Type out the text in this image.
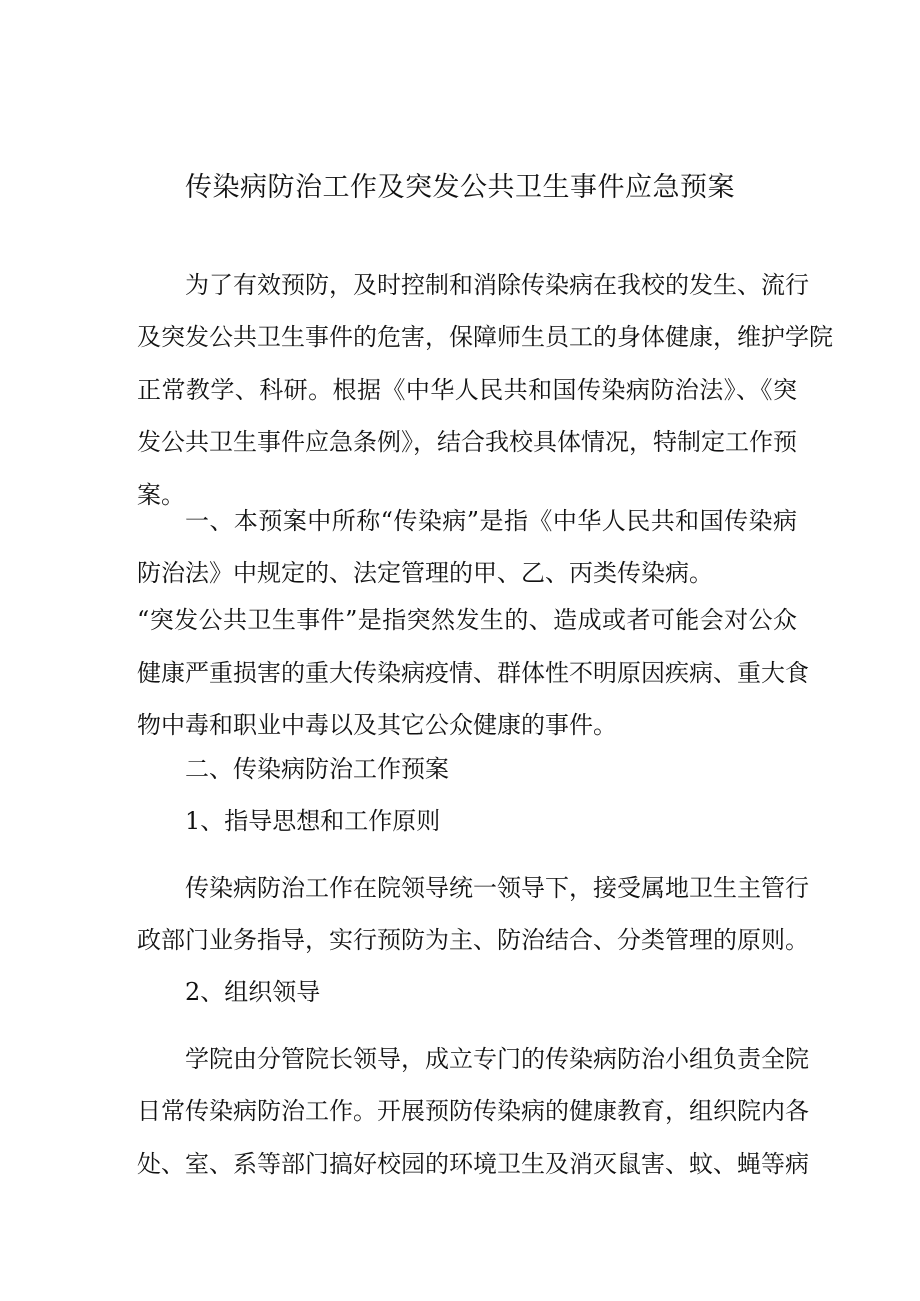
传染病防治工作及突发公共卫生事件应急预案
为了有效预防，及时控制和消除传染病在我校的发生、流行
及突发公共卫生事件的危害，保障师生员工的身体健康，维护学院
正常教学、科研。根据《中华人民共和国传染病防治法》、《突
发公共卫生事件应急条例》，结合我校具体情况，特制定工作预
案。
一、本预案中所称“传染病”是指《中华人民共和国传染病
防治法》中规定的、法定管理的甲、乙、丙类传染病。
“突发公共卫生事件”是指突然发生的、造成或者可能会对公众
健康严重损害的重大传染病疫情、群体性不明原因疾病、重大食
物中毒和职业中毒以及其它公众健康的事件。
二、传染病防治工作预案
1、指导思想和工作原则
传染病防治工作在院领导统一领导下，接受属地卫生主管行
政部门业务指导，实行预防为主、防治结合、分类管理的原则。
2、组织领导
学院由分管院长领导，成立专门的传染病防治小组负责全院
日常传染病防治工作。开展预防传染病的健康教育，组织院内各
处、室、系等部门搞好校园的环境卫生及消灭鼠害、蚊、蝇等病
